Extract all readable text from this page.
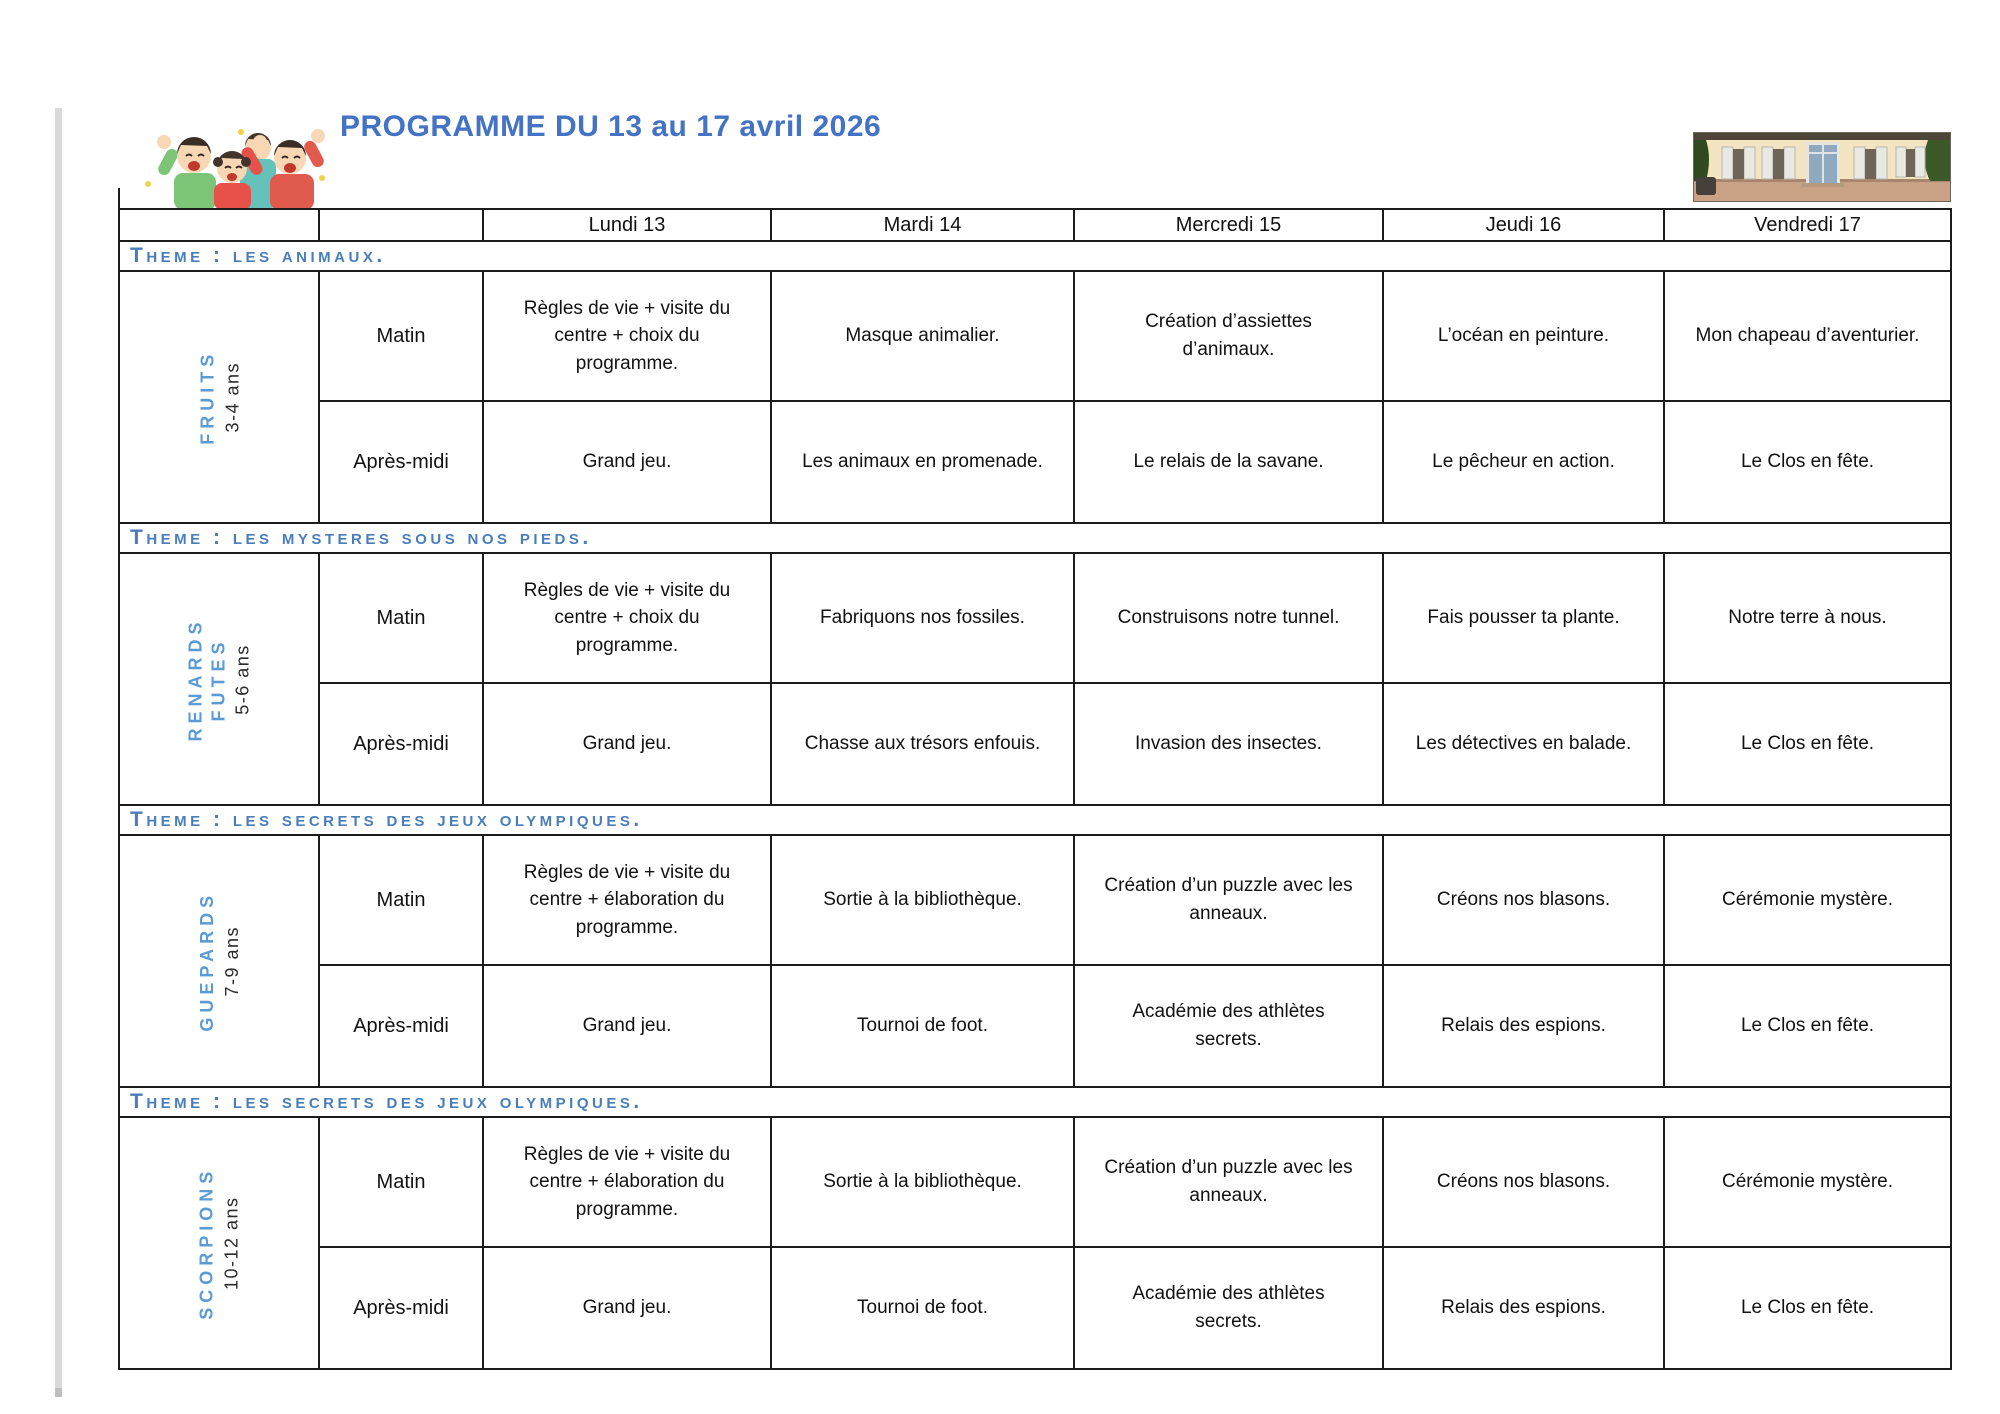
PROGRAMME DU 13 au 17 avril 2026
		Lundi 13	Mardi 14	Mercredi 15	Jeudi 16	Vendredi 17
Theme : les animaux.						

FRUITS 3-4 ans	Matin	Règles de vie + visite du centre + choix du programme.	Masque animalier.	Création d’assiettes d’animaux.	L’océan en peinture.	Mon chapeau d’aventurier.
	Après-midi	Grand jeu.	Les animaux en promenade.	Le relais de la savane.	Le pêcheur en action.	Le Clos en fête.
Theme : les mysteres sous nos pieds.						

RENARDS FUTES 5-6 ans	Matin	Règles de vie + visite du centre + choix du programme.	Fabriquons nos fossiles.	Construisons notre tunnel.	Fais pousser ta plante.	Notre terre à nous.
	Après-midi	Grand jeu.	Chasse aux trésors enfouis.	Invasion des insectes.	Les détectives en balade.	Le Clos en fête.
Theme : les secrets des jeux olympiques.						

GUEPARDS 7-9 ans	Matin	Règles de vie + visite du centre + élaboration du programme.	Sortie à la bibliothèque.	Création d’un puzzle avec les anneaux.	Créons nos blasons.	Cérémonie mystère.
	Après-midi	Grand jeu.	Tournoi de foot.	Académie des athlètes secrets.	Relais des espions.	Le Clos en fête.
Theme : les secrets des jeux olympiques.						

SCORPIONS 10-12 ans	Matin	Règles de vie + visite du centre + élaboration du programme.	Sortie à la bibliothèque.	Création d’un puzzle avec les anneaux.	Créons nos blasons.	Cérémonie mystère.
	Après-midi	Grand jeu.	Tournoi de foot.	Académie des athlètes secrets.	Relais des espions.	Le Clos en fête.
